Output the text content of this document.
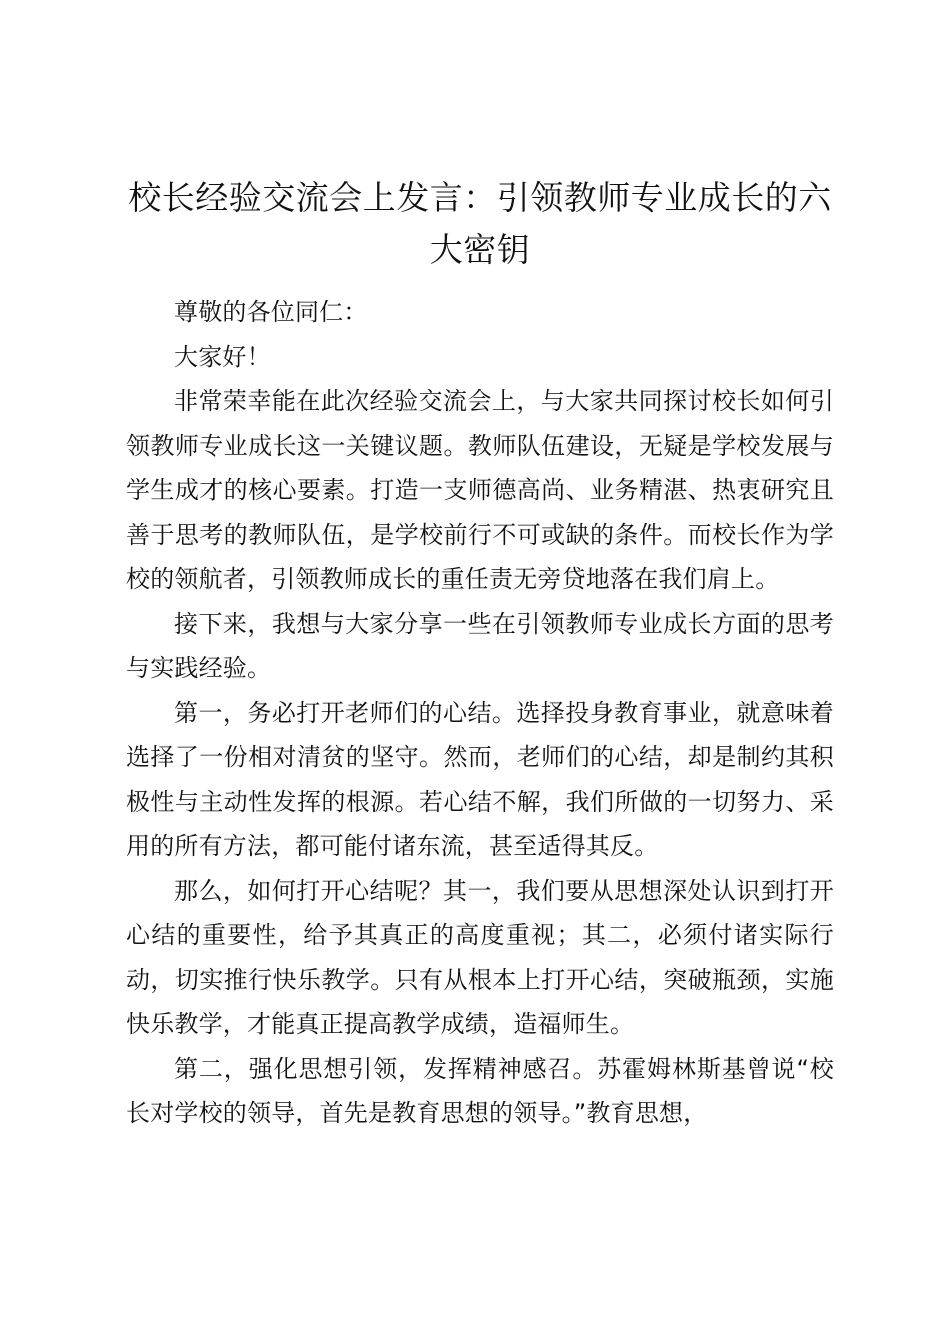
校长经验交流会上发言：引领教师专业成长的六大密钥

尊敬的各位同仁：

大家好！

非常荣幸能在此次经验交流会上，与大家共同探讨校长如何引领教师专业成长这一关键议题。教师队伍建设，无疑是学校发展与学生成才的核心要素。打造一支师德高尚、业务精湛、热衷研究且善于思考的教师队伍，是学校前行不可或缺的条件。而校长作为学校的领航者，引领教师成长的重任责无旁贷地落在我们肩上。

接下来，我想与大家分享一些在引领教师专业成长方面的思考与实践经验。

第一，务必打开老师们的心结。选择投身教育事业，就意味着选择了一份相对清贫的坚守。然而，老师们的心结，却是制约其积极性与主动性发挥的根源。若心结不解，我们所做的一切努力、采用的所有方法，都可能付诸东流，甚至适得其反。

那么，如何打开心结呢？其一，我们要从思想深处认识到打开心结的重要性，给予其真正的高度重视；其二，必须付诸实际行动，切实推行快乐教学。只有从根本上打开心结，突破瓶颈，实施快乐教学，才能真正提高教学成绩，造福师生。

第二，强化思想引领，发挥精神感召。苏霍姆林斯基曾说“校长对学校的领导，首先是教育思想的领导。”教育思想，
